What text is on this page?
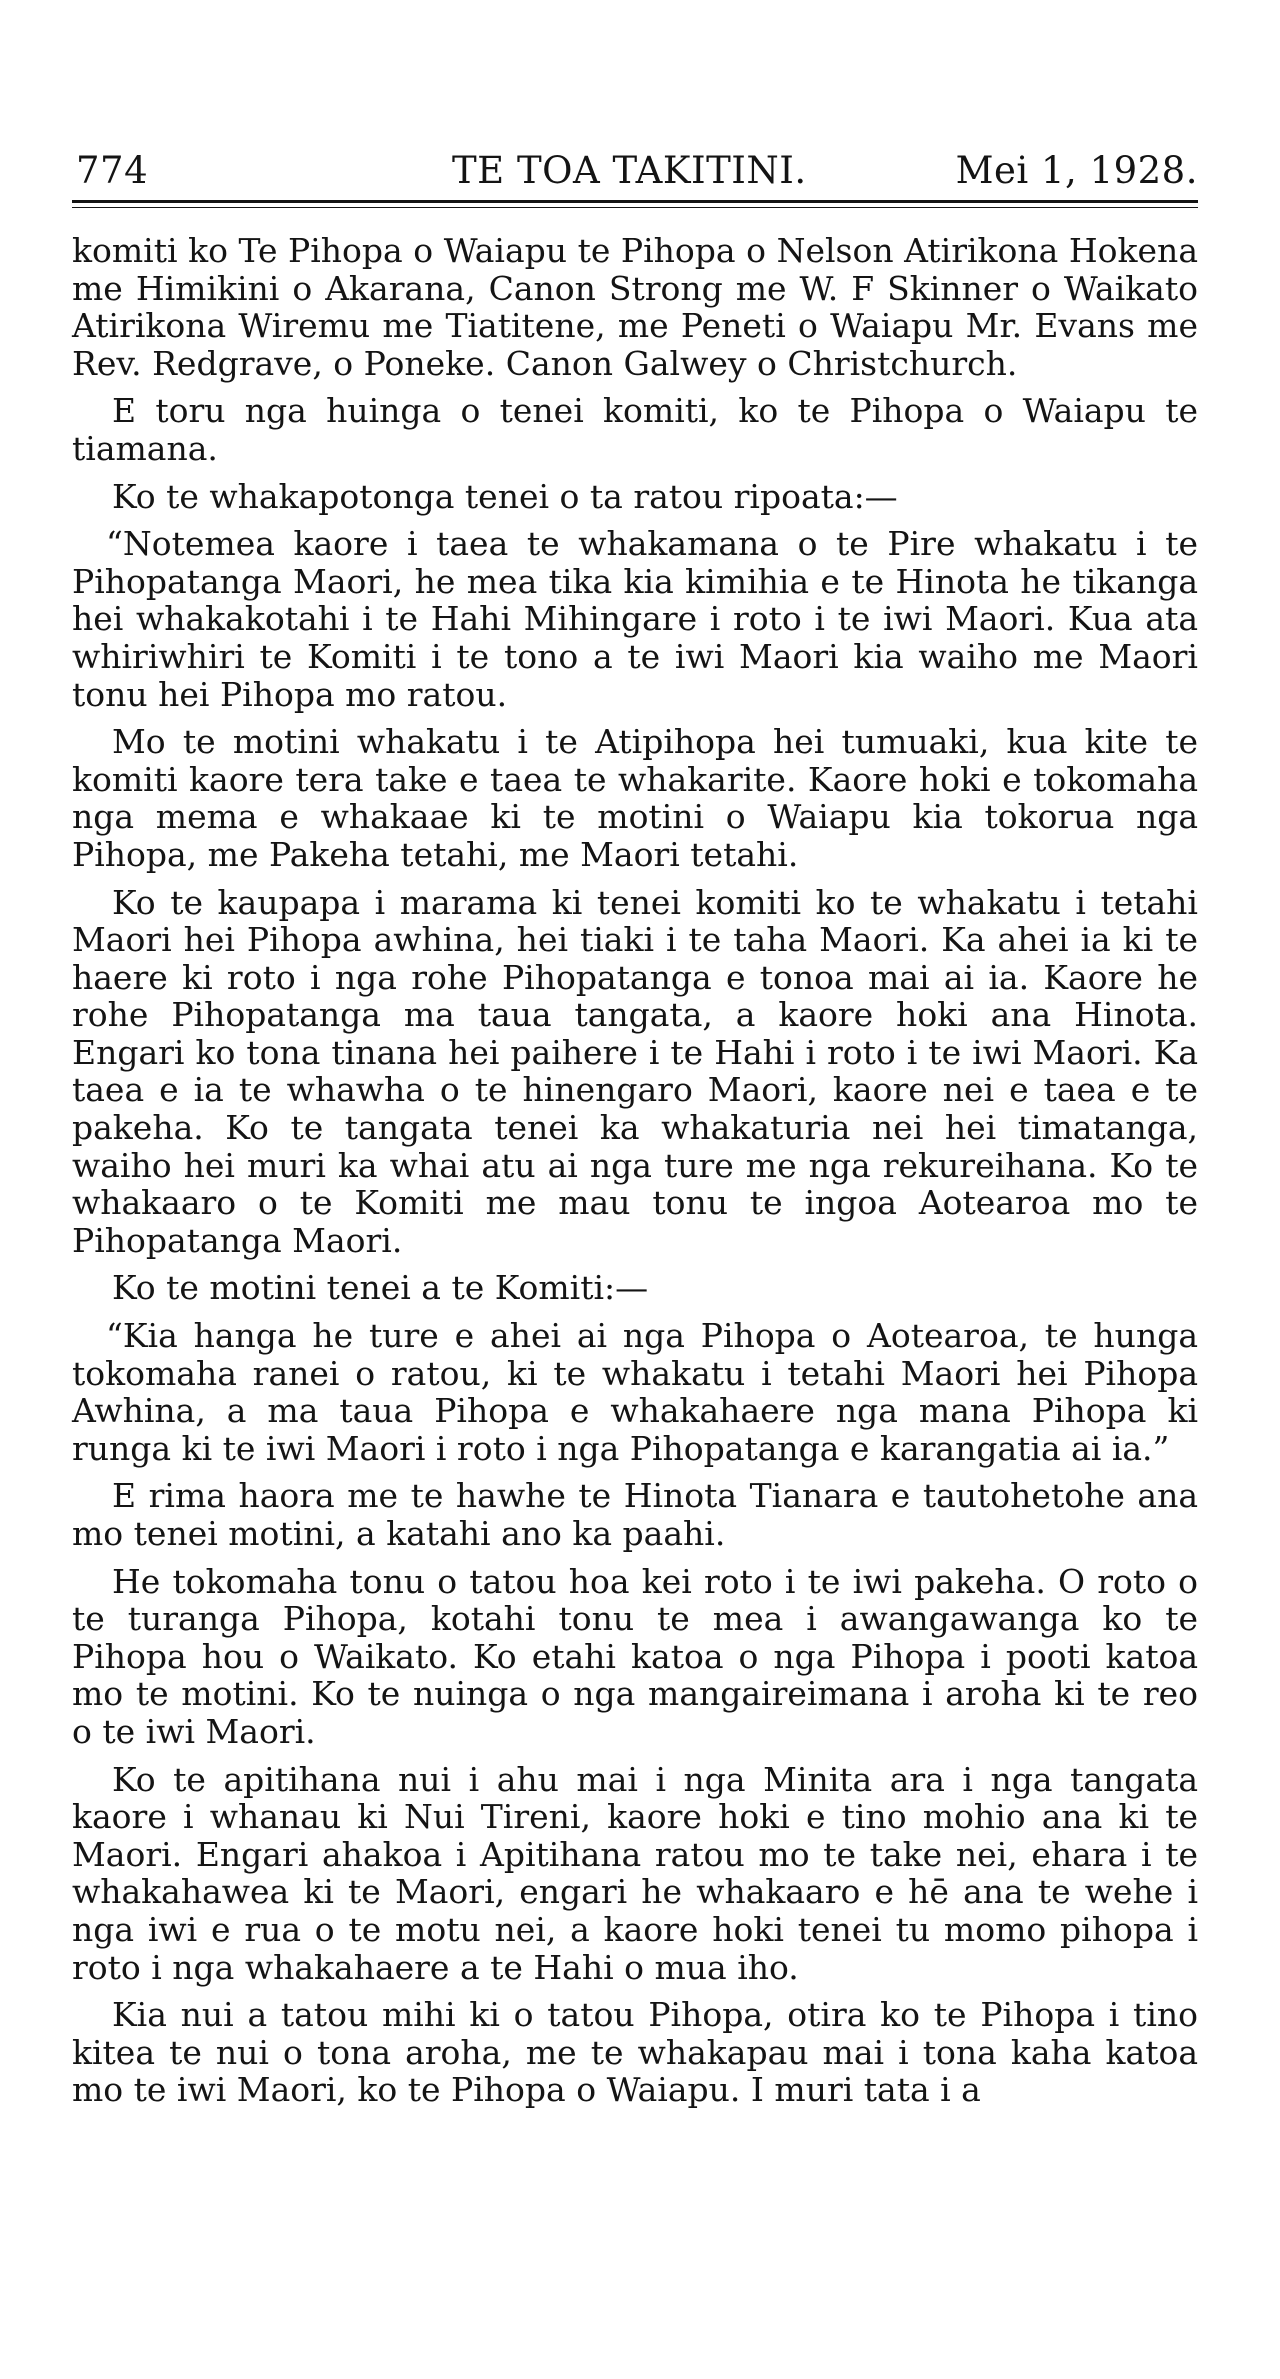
774	TE TOA TAKITINI.	Mei 1, 1928.

komiti ko Te Pihopa o Waiapu te Pihopa o Nelson Atirikona Hokena me Himikini o Akarana, Canon Strong me W. F Skinner o Waikato Atirikona Wiremu me Tiatitene, me Peneti o Waiapu Mr. Evans me Rev. Redgrave, o Poneke. Canon Galwey o Christchurch.

E toru nga huinga o tenei komiti, ko te Pihopa o Waiapu te tiamana.

Ko te whakapotonga tenei o ta ratou ripoata:—

“Notemea kaore i taea te whakamana o te Pire whakatu i te Pihopatanga Maori, he mea tika kia kimihia e te Hinota he tikanga hei whakakotahi i te Hahi Mihingare i roto i te iwi Maori. Kua ata whiriwhiri te Komiti i te tono a te iwi Maori kia waiho me Maori tonu hei Pihopa mo ratou.

Mo te motini whakatu i te Atipihopa hei tumuaki, kua kite te komiti kaore tera take e taea te whakarite. Kaore hoki e tokomaha nga mema e whakaae ki te motini o Waiapu kia tokorua nga Pihopa, me Pakeha tetahi, me Maori tetahi.

Ko te kaupapa i marama ki tenei komiti ko te whakatu i tetahi Maori hei Pihopa awhina, hei tiaki i te taha Maori. Ka ahei ia ki te haere ki roto i nga rohe Pihopatanga e tonoa mai ai ia. Kaore he rohe Pihopatanga ma taua tangata, a kaore hoki ana Hinota. Engari ko tona tinana hei paihere i te Hahi i roto i te iwi Maori. Ka taea e ia te whawha o te hinengaro Maori, kaore nei e taea e te pakeha. Ko te tangata tenei ka whakaturia nei hei timatanga, waiho hei muri ka whai atu ai nga ture me nga rekureihana. Ko te whakaaro o te Komiti me mau tonu te ingoa Aotearoa mo te Pihopatanga Maori.

Ko te motini tenei a te Komiti:—

“Kia hanga he ture e ahei ai nga Pihopa o Aotearoa, te hunga tokomaha ranei o ratou, ki te whakatu i tetahi Maori hei Pihopa Awhina, a ma taua Pihopa e whakahaere nga mana Pihopa ki runga ki te iwi Maori i roto i nga Pihopatanga e karangatia ai ia.”

E rima haora me te hawhe te Hinota Tianara e tautohetohe ana mo tenei motini, a katahi ano ka paahi.

He tokomaha tonu o tatou hoa kei roto i te iwi pakeha. O roto o te turanga Pihopa, kotahi tonu te mea i awangawanga ko te Pihopa hou o Waikato. Ko etahi katoa o nga Pihopa i pooti katoa mo te motini. Ko te nuinga o nga mangaireimana i aroha ki te reo o te iwi Maori.

Ko te apitihana nui i ahu mai i nga Minita ara i nga tangata kaore i whanau ki Nui Tireni, kaore hoki e tino mohio ana ki te Maori. Engari ahakoa i Apitihana ratou mo te take nei, ehara i te whakahawea ki te Maori, engari he whakaaro e hē ana te wehe i nga iwi e rua o te motu nei, a kaore hoki tenei tu momo pihopa i roto i nga whakahaere a te Hahi o mua iho.

Kia nui a tatou mihi ki o tatou Pihopa, otira ko te Pihopa i tino kitea te nui o tona aroha, me te whakapau mai i tona kaha katoa mo te iwi Maori, ko te Pihopa o Waiapu. I muri tata i a
